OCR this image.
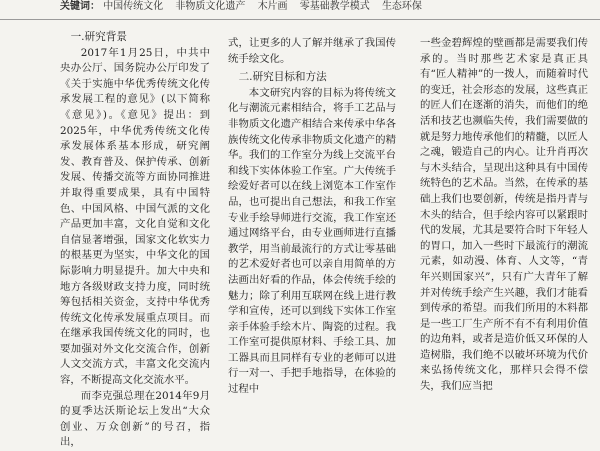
关键词： 中国传统文化 非物质文化遗产 木片画 零基础教学模式 生态环保
一.研究背景

2017年1月25日，中共中央办公厅、国务院办公厅印发了《关于实施中华优秀传统文化传承发展工程的意见》(以下简称《意见》)。《意见》提出：到2025年，中华优秀传统文化传承发展体系基本形成，研究阐发、教育普及、保护传承、创新发展、传播交流等方面协同推进并取得重要成果，具有中国特色、中国风格、中国气派的文化产品更加丰富，文化自觉和文化自信显著增强，国家文化软实力的根基更为坚实，中华文化的国际影响力明显提升。加大中央和地方各级财政支持力度，同时统筹包括相关资金，支持中华优秀传统文化传承发展重点项目。而在继承我国传统文化的同时，也要加强对外文化交流合作，创新人文交流方式，丰富文化交流内容，不断提高文化交流水平。

而李克强总理在2014年9月的夏季达沃斯论坛上发出“大众创业、万众创新”的号召，指出，

式，让更多的人了解并继承了我国传统手绘文化。

二.研究目标和方法

本文研究内容的目标为将传统文化与潮流元素相结合，将手工艺品与非物质文化遗产相结合来传承中华各族传统文化传承非物质文化遗产的精华。我们的工作室分为线上交流平台和线下实体体验工作室。广大传统手绘爱好者可以在线上浏览本工作室作品，也可提出自己想法，和我工作室专业手绘导师进行交流，我工作室还通过网络平台，由专业画师进行直播教学，用当前最流行的方式让零基础的艺术爱好者也可以亲自用简单的方法画出好看的作品，体会传统手绘的魅力；除了利用互联网在线上进行教学和宣传，还可以到线下实体工作室亲手体验手绘木片、陶瓷的过程。我工作室可提供原材料、手绘工具、加工器具而且同样有专业的老师可以进行一对一、手把手地指导，在体验的过程中

一些金碧辉煌的壁画都是需要我们传承的。当时那些艺术家是真正具有“匠人精神”的一拨人，而随着时代的变迁，社会形态的发展，这些真正的匠人们在逐渐的消失，而他们的绝活和技艺也濒临失传，我们需要做的就是努力地传承他们的精髓，以匠人之魂，锻造自己的内心。让升肖再次与木头结合，呈现出这种具有中国传统特色的艺术品。当然，在传承的基础上我们也要创新，传统是指丹青与木头的结合，但手绘内容可以紧跟时代的发展，尤其是要符合时下年轻人的胃口，加入一些时下最流行的潮流元素，如动漫、体育、人文等，“青年兴则国家兴”，只有广大青年了解并对传统手绘产生兴趣，我们才能看到传承的希望。而我们所用的木料都是一些工厂生产所不有不有利用价值的边角料，或者是造价低又环保的人造树脂，我们绝不以破坏环境为代价来弘扬传统文化，那样只会得不偿失，我们应当把
